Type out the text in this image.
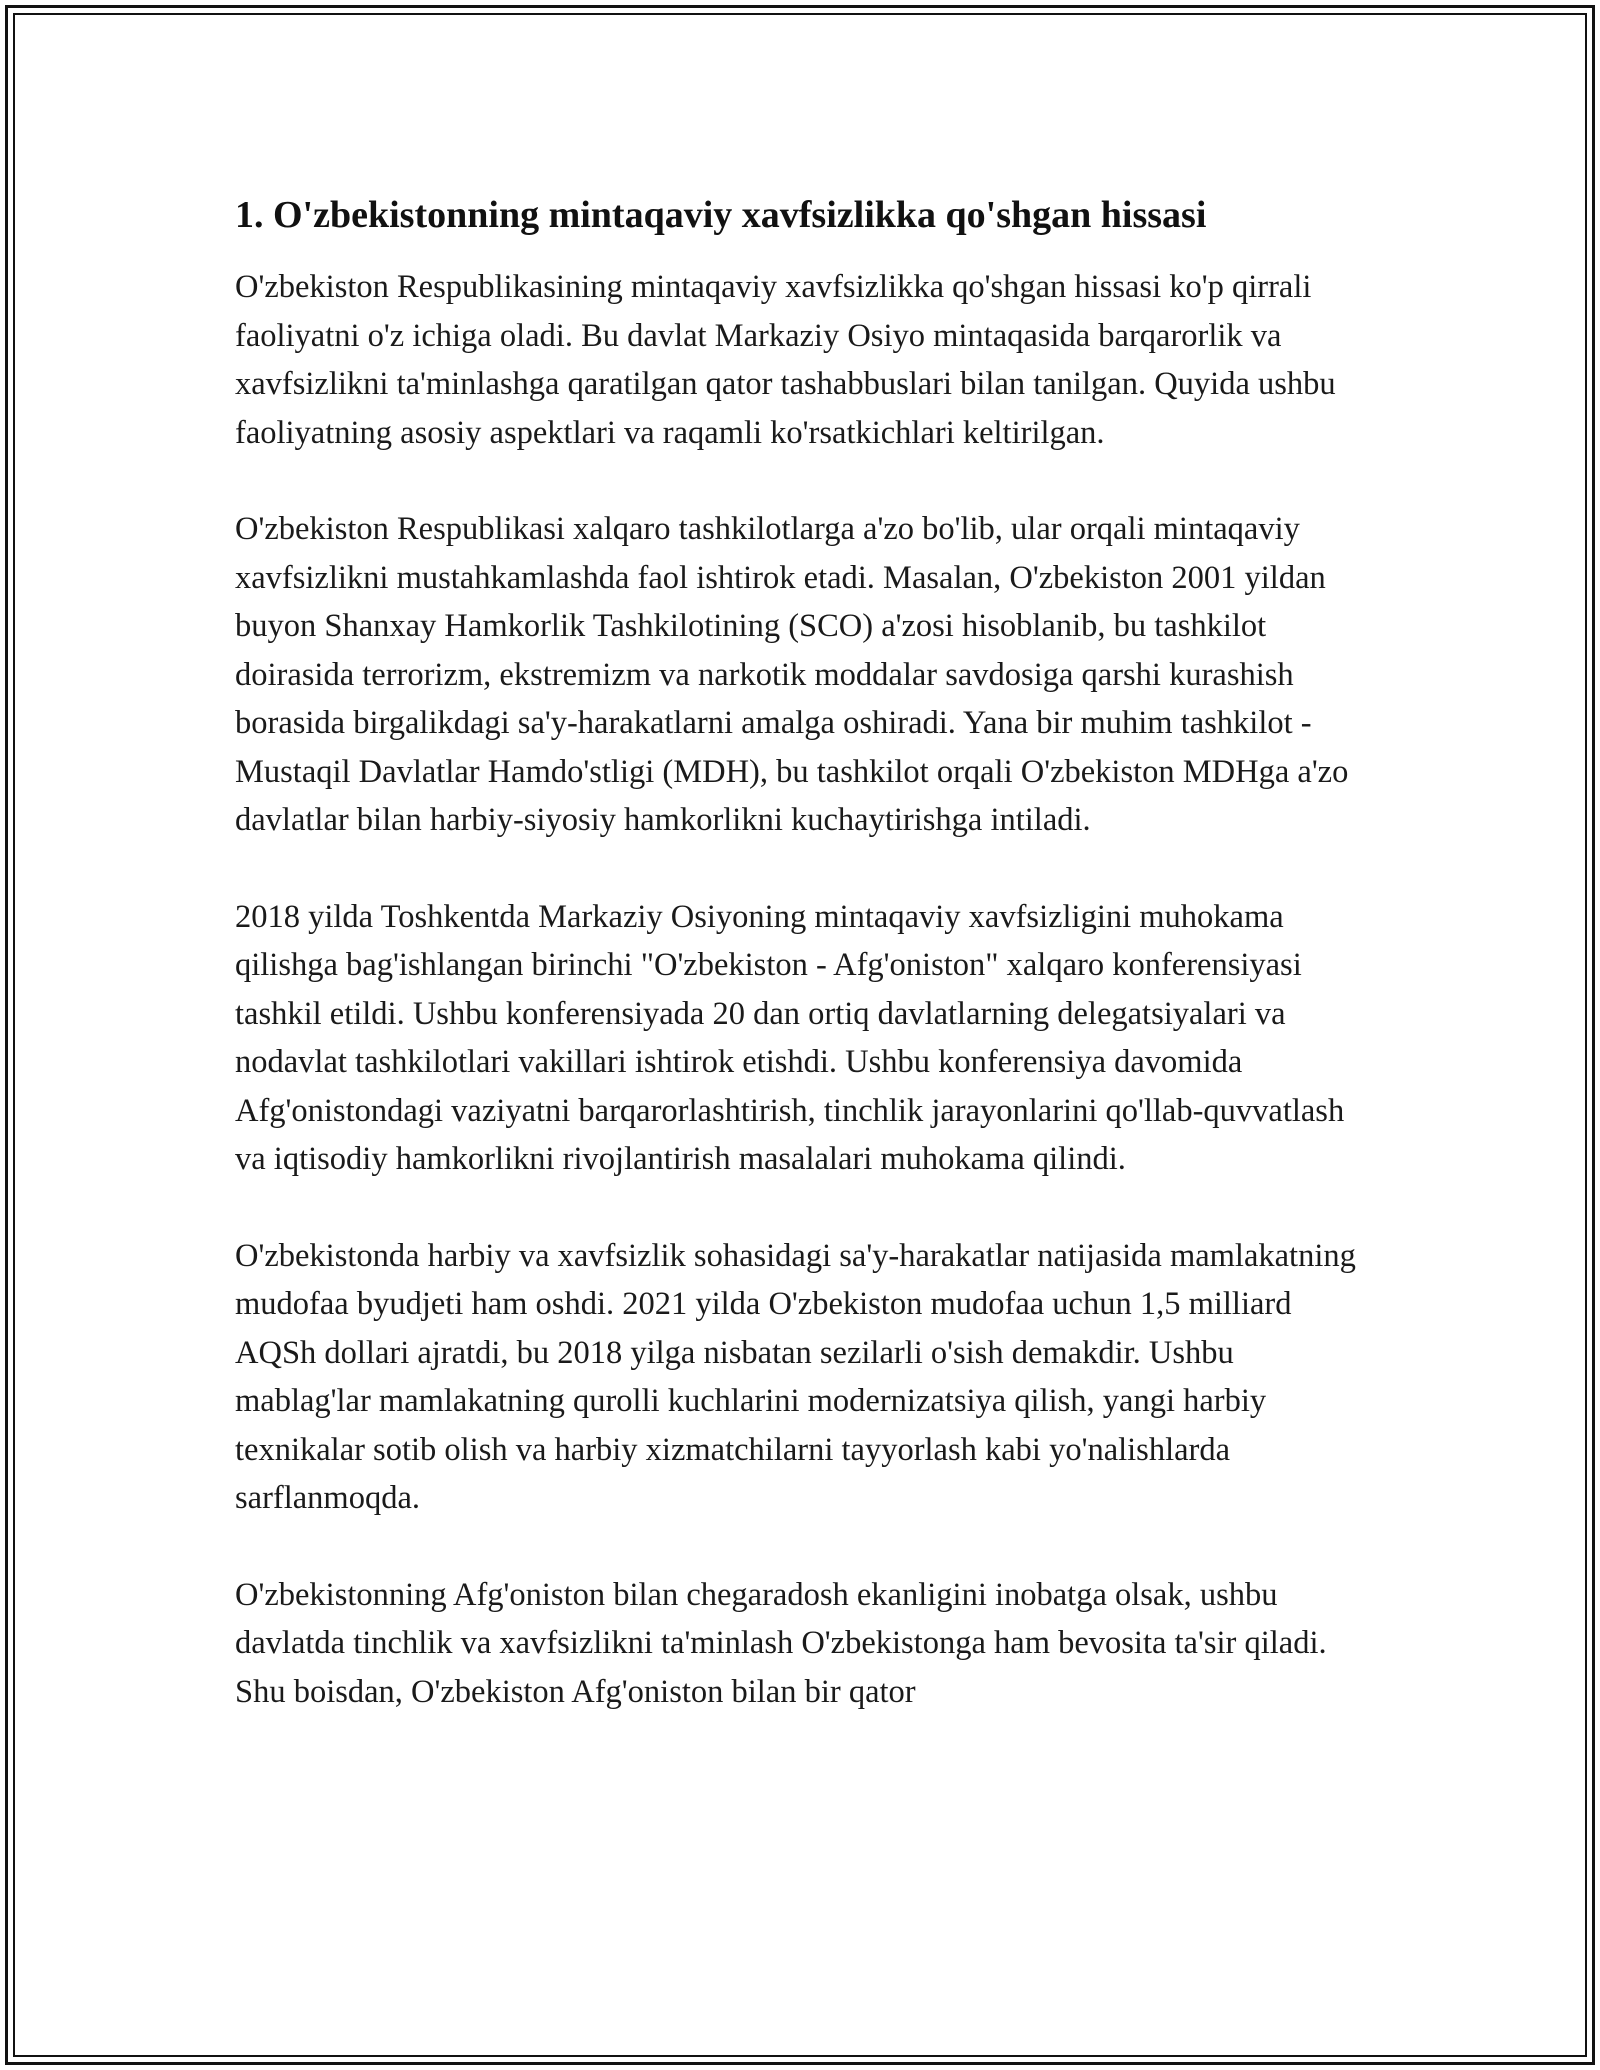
1. O'zbekistonning mintaqaviy xavfsizlikka qo'shgan hissasi

O'zbekiston Respublikasining mintaqaviy xavfsizlikka qo'shgan hissasi ko'p qirrali faoliyatni o'z ichiga oladi. Bu davlat Markaziy Osiyo mintaqasida barqarorlik va xavfsizlikni ta'minlashga qaratilgan qator tashabbuslari bilan tanilgan. Quyida ushbu faoliyatning asosiy aspektlari va raqamli ko'rsatkichlari keltirilgan.

O'zbekiston Respublikasi xalqaro tashkilotlarga a'zo bo'lib, ular orqali mintaqaviy xavfsizlikni mustahkamlashda faol ishtirok etadi. Masalan, O'zbekiston 2001 yildan buyon Shanxay Hamkorlik Tashkilotining (SCO) a'zosi hisoblanib, bu tashkilot doirasida terrorizm, ekstremizm va narkotik moddalar savdosiga qarshi kurashish borasida birgalikdagi sa'y-harakatlarni amalga oshiradi. Yana bir muhim tashkilot - Mustaqil Davlatlar Hamdo'stligi (MDH), bu tashkilot orqali O'zbekiston MDHga a'zo davlatlar bilan harbiy-siyosiy hamkorlikni kuchaytirishga intiladi.

2018 yilda Toshkentda Markaziy Osiyoning mintaqaviy xavfsizligini muhokama qilishga bag'ishlangan birinchi "O'zbekiston - Afg'oniston" xalqaro konferensiyasi tashkil etildi. Ushbu konferensiyada 20 dan ortiq davlatlarning delegatsiyalari va nodavlat tashkilotlari vakillari ishtirok etishdi. Ushbu konferensiya davomida Afg'onistondagi vaziyatni barqarorlashtirish, tinchlik jarayonlarini qo'llab-quvvatlash va iqtisodiy hamkorlikni rivojlantirish masalalari muhokama qilindi.

O'zbekistonda harbiy va xavfsizlik sohasidagi sa'y-harakatlar natijasida mamlakatning mudofaa byudjeti ham oshdi. 2021 yilda O'zbekiston mudofaa uchun 1,5 milliard AQSh dollari ajratdi, bu 2018 yilga nisbatan sezilarli o'sish demakdir. Ushbu mablag'lar mamlakatning qurolli kuchlarini modernizatsiya qilish, yangi harbiy texnikalar sotib olish va harbiy xizmatchilarni tayyorlash kabi yo'nalishlarda sarflanmoqda.

O'zbekistonning Afg'oniston bilan chegaradosh ekanligini inobatga olsak, ushbu davlatda tinchlik va xavfsizlikni ta'minlash O'zbekistonga ham bevosita ta'sir qiladi. Shu boisdan, O'zbekiston Afg'oniston bilan bir qator
